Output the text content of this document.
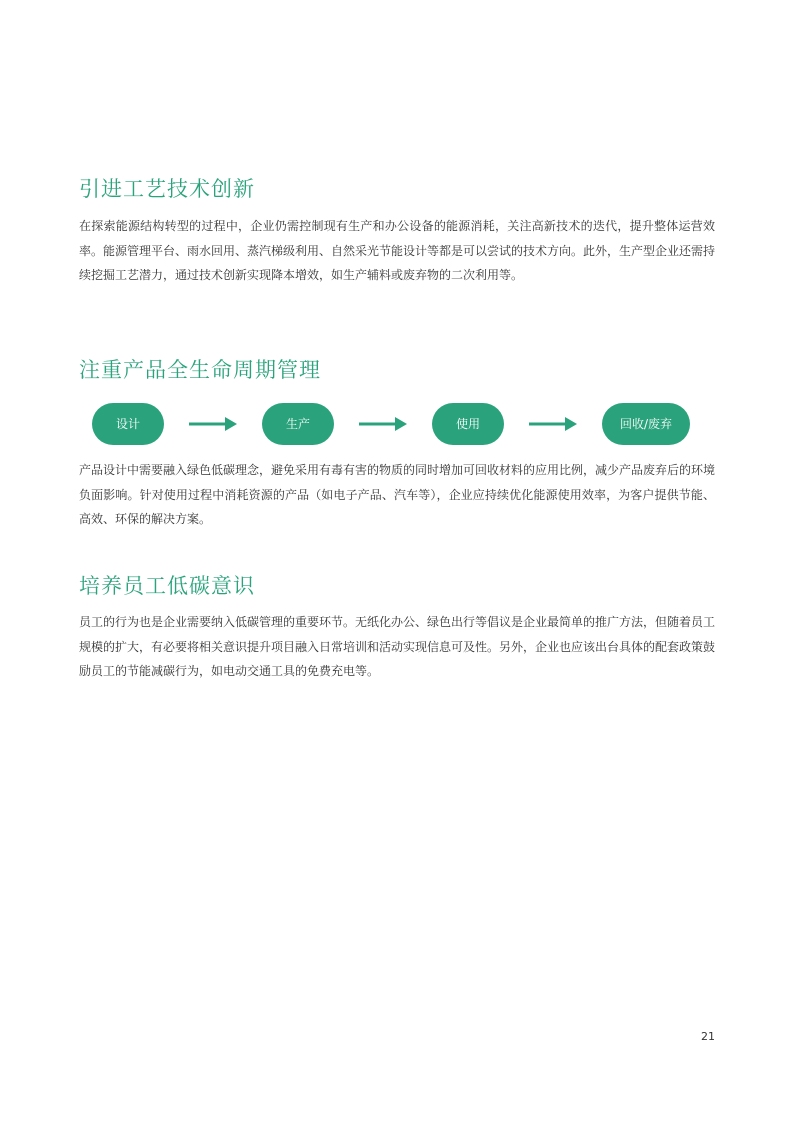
引进工艺技术创新

在探索能源结构转型的过程中，企业仍需控制现有生产和办公设备的能源消耗，关注高新技术的迭代，提升整体运营效率。能源管理平台、雨水回用、蒸汽梯级利用、自然采光节能设计等都是可以尝试的技术方向。此外，生产型企业还需持续挖掘工艺潜力，通过技术创新实现降本增效，如生产辅料或废弃物的二次利用等。

注重产品全生命周期管理
设计	生产	使用	回收/废弃

产品设计中需要融入绿色低碳理念，避免采用有毒有害的物质的同时增加可回收材料的应用比例，减少产品废弃后的环境负面影响。针对使用过程中消耗资源的产品（如电子产品、汽车等），企业应持续优化能源使用效率，为客户提供节能、高效、环保的解决方案。

培养员工低碳意识

员工的行为也是企业需要纳入低碳管理的重要环节。无纸化办公、绿色出行等倡议是企业最简单的推广方法，但随着员工规模的扩大，有必要将相关意识提升项目融入日常培训和活动实现信息可及性。另外，企业也应该出台具体的配套政策鼓励员工的节能减碳行为，如电动交通工具的免费充电等。

21
